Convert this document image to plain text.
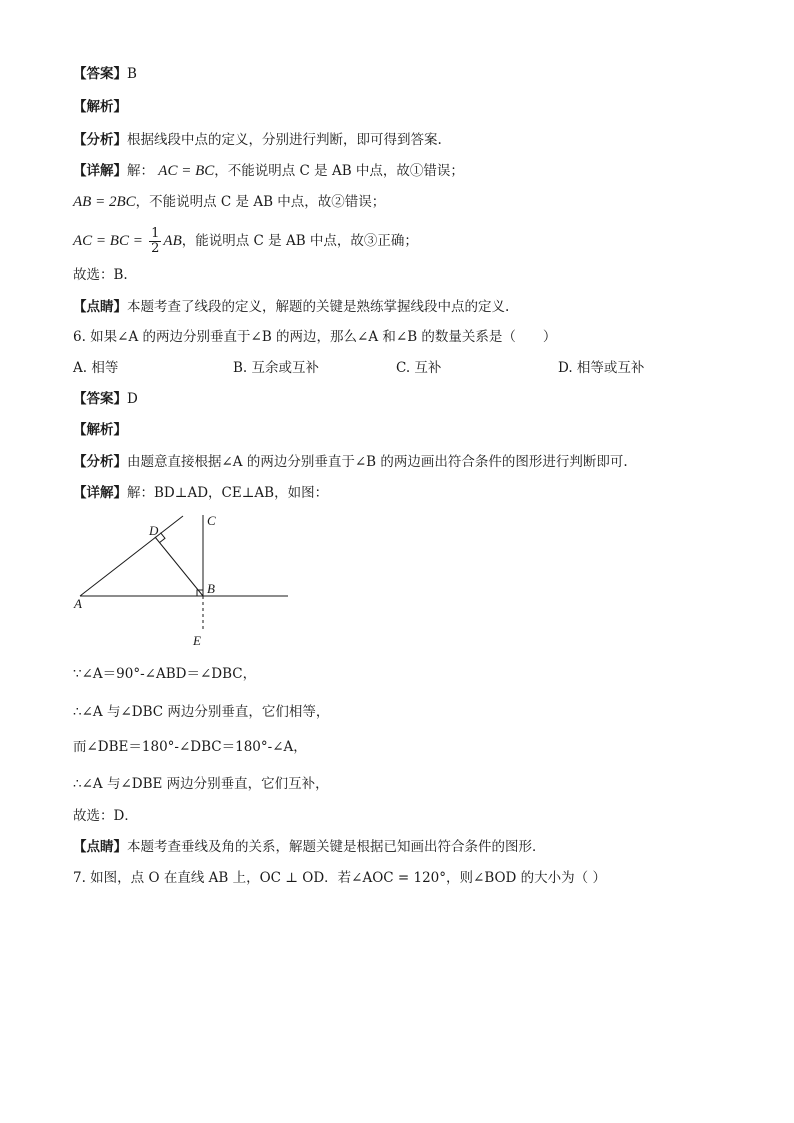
【答案】B
【解析】
【分析】根据线段中点的定义，分别进行判断，即可得到答案.
【详解】解： AC = BC，不能说明点 C 是 AB 中点，故①错误；
AB = 2BC，不能说明点 C 是 AB 中点，故②错误；
AC = BC = $\frac{1}{2}$ AB，能说明点 C 是 AB 中点，故③正确；
故选：B.
【点睛】本题考查了线段的定义，解题的关键是熟练掌握线段中点的定义.
6. 如果∠A 的两边分别垂直于∠B 的两边，那么∠A 和∠B 的数量关系是（　　）
A. 相等	B. 互余或互补	C. 互补	D. 相等或互补
【答案】D
【解析】
【分析】由题意直接根据∠A 的两边分别垂直于∠B 的两边画出符合条件的图形进行判断即可.
【详解】解：BD⊥AD，CE⊥AB，如图：
A
D
C
B
E
∵∠A＝90°-∠ABD＝∠DBC，
∴∠A 与∠DBC 两边分别垂直，它们相等，
而∠DBE＝180°-∠DBC＝180°-∠A，
∴∠A 与∠DBE 两边分别垂直，它们互补，
故选：D．
【点睛】本题考查垂线及角的关系，解题关键是根据已知画出符合条件的图形．
7. 如图，点 O 在直线 AB 上，OC ⊥ OD．若∠AOC = 120°，则∠BOD 的大小为（ ）
